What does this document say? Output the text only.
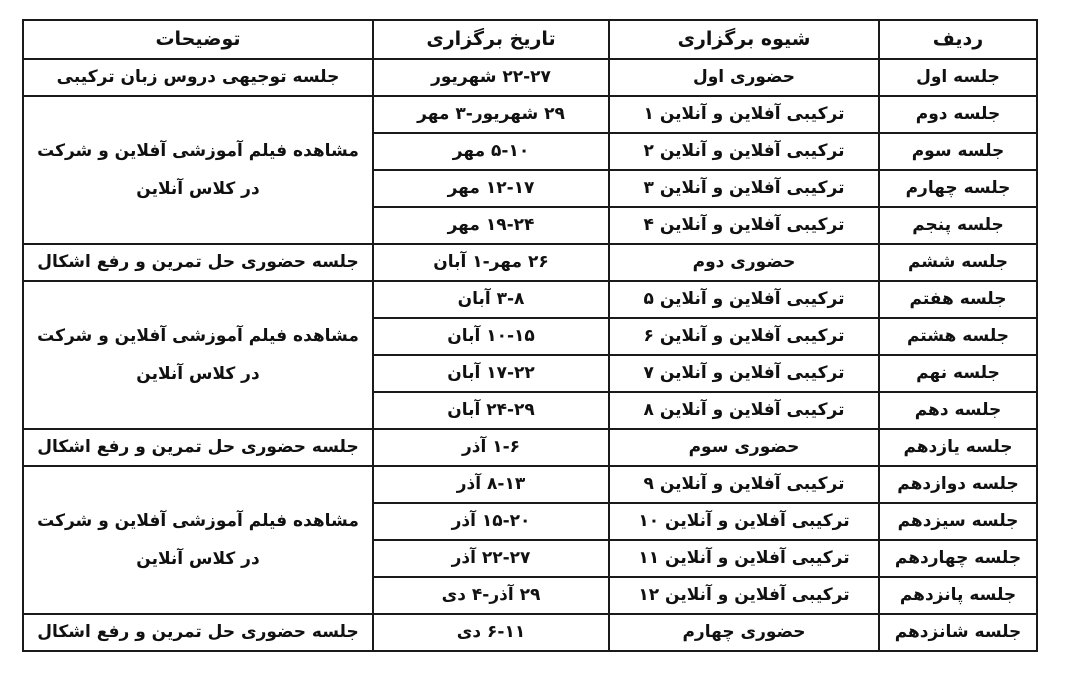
ردیف	شیوه برگزاری	تاریخ برگزاری	توضیحات
جلسه اول	حضوری اول	۲۲-۲۷ شهریور	جلسه توجیهی دروس زبان ترکیبی
جلسه دوم	ترکیبی آفلاین و آنلاین ۱	۲۹ شهریور-۳ مهر	مشاهده فیلم آموزشی آفلاین و شرکت در کلاس آنلاین
جلسه سوم	ترکیبی آفلاین و آنلاین ۲	۵-۱۰ مهر	
جلسه چهارم	ترکیبی آفلاین و آنلاین ۳	۱۲-۱۷ مهر	
جلسه پنجم	ترکیبی آفلاین و آنلاین ۴	۱۹-۲۴ مهر	
جلسه ششم	حضوری دوم	۲۶ مهر-۱ آبان	جلسه حضوری حل تمرین و رفع اشکال
جلسه هفتم	ترکیبی آفلاین و آنلاین ۵	۳-۸ آبان	مشاهده فیلم آموزشی آفلاین و شرکت در کلاس آنلاین
جلسه هشتم	ترکیبی آفلاین و آنلاین ۶	۱۰-۱۵ آبان	
جلسه نهم	ترکیبی آفلاین و آنلاین ۷	۱۷-۲۲ آبان	
جلسه دهم	ترکیبی آفلاین و آنلاین ۸	۲۴-۲۹ آبان	
جلسه یازدهم	حضوری سوم	۱-۶ آذر	جلسه حضوری حل تمرین و رفع اشکال
جلسه دوازدهم	ترکیبی آفلاین و آنلاین ۹	۸-۱۳ آذر	مشاهده فیلم آموزشی آفلاین و شرکت در کلاس آنلاین
جلسه سیزدهم	ترکیبی آفلاین و آنلاین ۱۰	۱۵-۲۰ آذر	
جلسه چهاردهم	ترکیبی آفلاین و آنلاین ۱۱	۲۲-۲۷ آذر	
جلسه پانزدهم	ترکیبی آفلاین و آنلاین ۱۲	۲۹ آذر-۴ دی	
جلسه شانزدهم	حضوری چهارم	۶-۱۱ دی	جلسه حضوری حل تمرین و رفع اشکال
